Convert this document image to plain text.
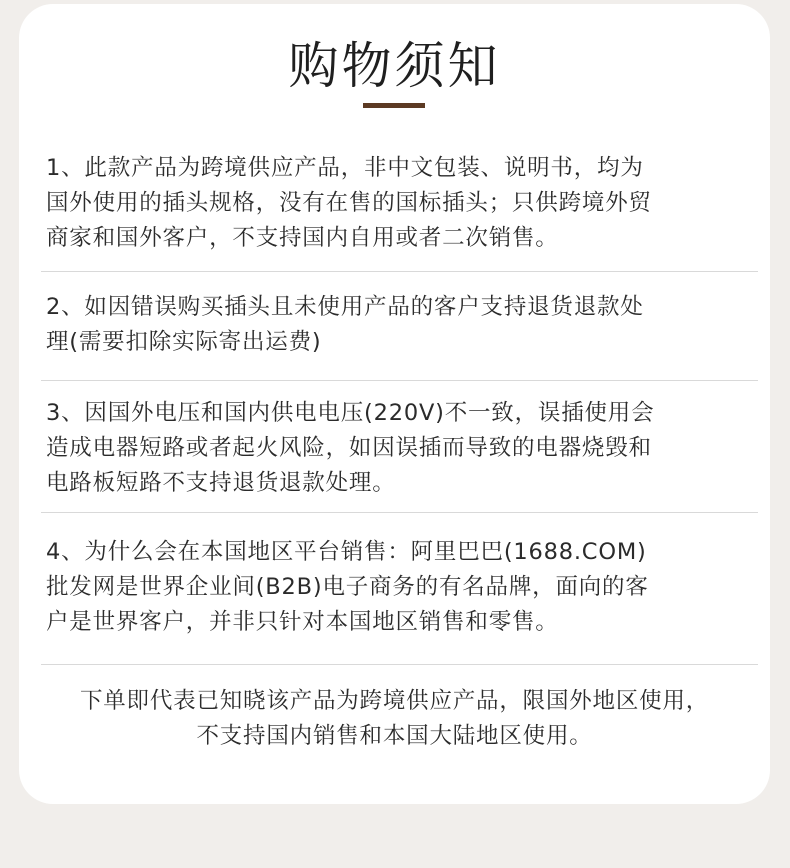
购物须知
1、此款产品为跨境供应产品，非中文包装、说明书，均为
国外使用的插头规格，没有在售的国标插头；只供跨境外贸
商家和国外客户，不支持国内自用或者二次销售。
2、如因错误购买插头且未使用产品的客户支持退货退款处
理(需要扣除实际寄出运费)
3、因国外电压和国内供电电压(220V)不一致，误插使用会
造成电器短路或者起火风险，如因误插而导致的电器烧毁和
电路板短路不支持退货退款处理。
4、为什么会在本国地区平台销售：阿里巴巴(1688.COM)
批发网是世界企业间(B2B)电子商务的有名品牌，面向的客
户是世界客户，并非只针对本国地区销售和零售。
下单即代表已知晓该产品为跨境供应产品，限国外地区使用，
不支持国内销售和本国大陆地区使用。
